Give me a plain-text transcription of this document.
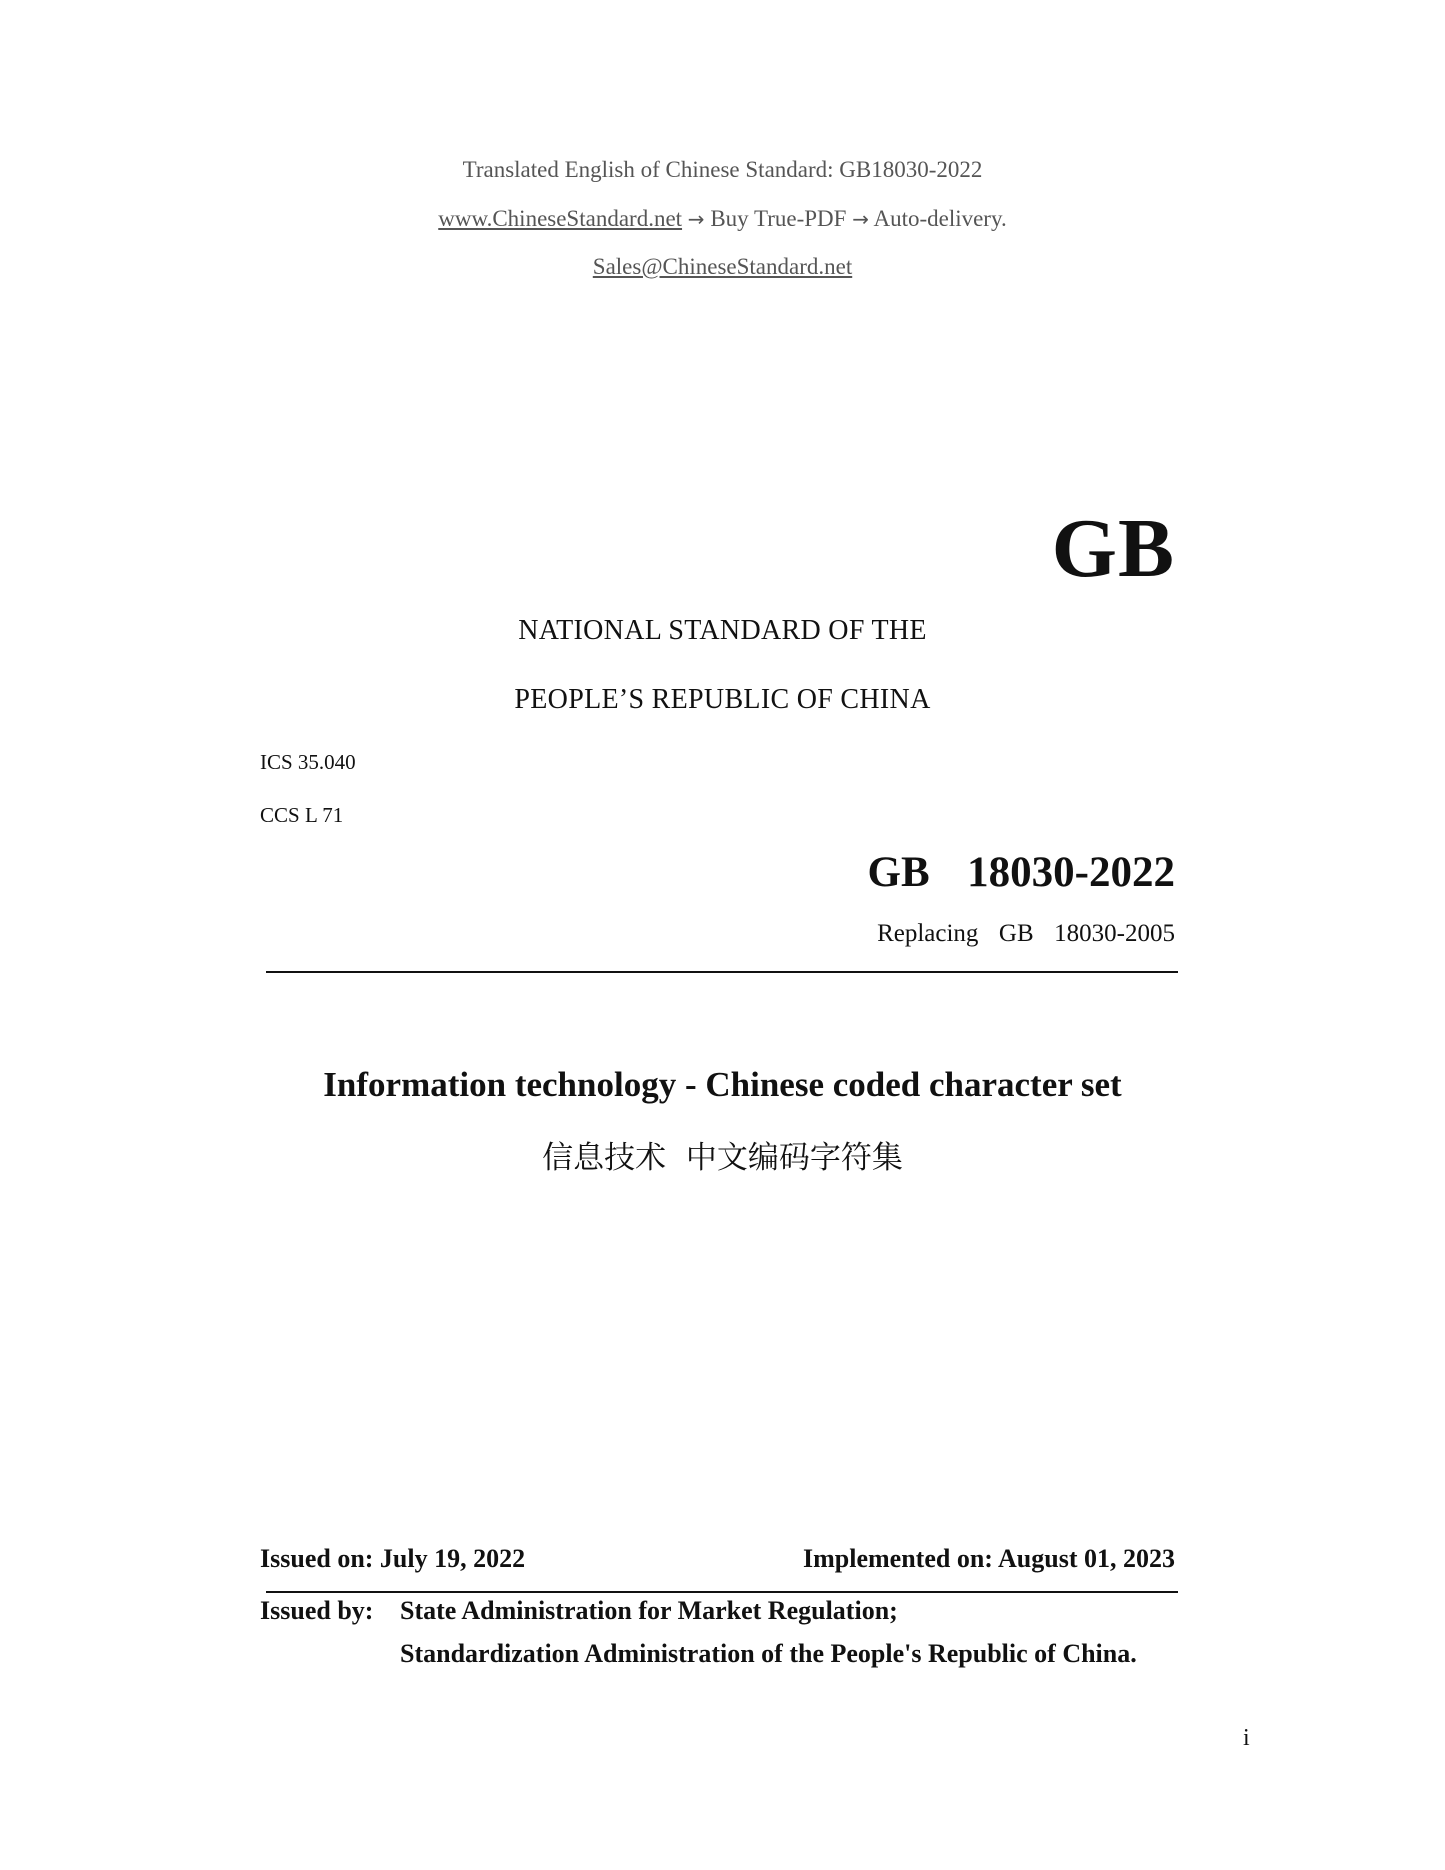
Translated English of Chinese Standard: GB18030-2022
www.ChineseStandard.net → Buy True-PDF → Auto-delivery.
Sales@ChineseStandard.net
GB
NATIONAL STANDARD OF THE
PEOPLE’S REPUBLIC OF CHINA
ICS 35.040
CCS L 71
GB  18030-2022
Replacing  GB  18030-2005
Information technology - Chinese coded character set
信息技术  中文编码字符集
Issued on: July 19, 2022	Implemented on: August 01, 2023
Issued by: State Administration for Market Regulation;
Standardization Administration of the People's Republic of China.
i
